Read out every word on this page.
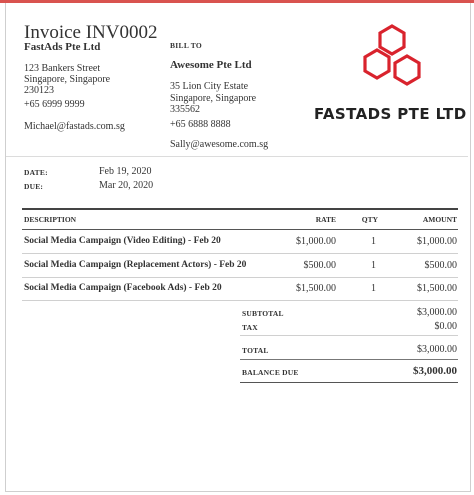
Invoice INV0002
FastAds Pte Ltd
123 Bankers Street
Singapore, Singapore
230123
+65 6999 9999
Michael@fastads.com.sg
BILL TO
Awesome Pte Ltd
35 Lion City Estate
Singapore, Singapore
335562
+65 6888 8888
Sally@awesome.com.sg
FASTADS PTE LTD
DATE:	Feb 19, 2020
DUE:	Mar 20, 2020
DESCRIPTION	RATE	QTY	AMOUNT
Social Media Campaign (Video Editing) - Feb 20	$1,000.00	1	$1,000.00
Social Media Campaign (Replacement Actors) - Feb 20	$500.00	1	$500.00
Social Media Campaign (Facebook Ads) - Feb 20	$1,500.00	1	$1,500.00
SUBTOTAL	$3,000.00
TAX	$0.00
TOTAL	$3,000.00
BALANCE DUE	$3,000.00
